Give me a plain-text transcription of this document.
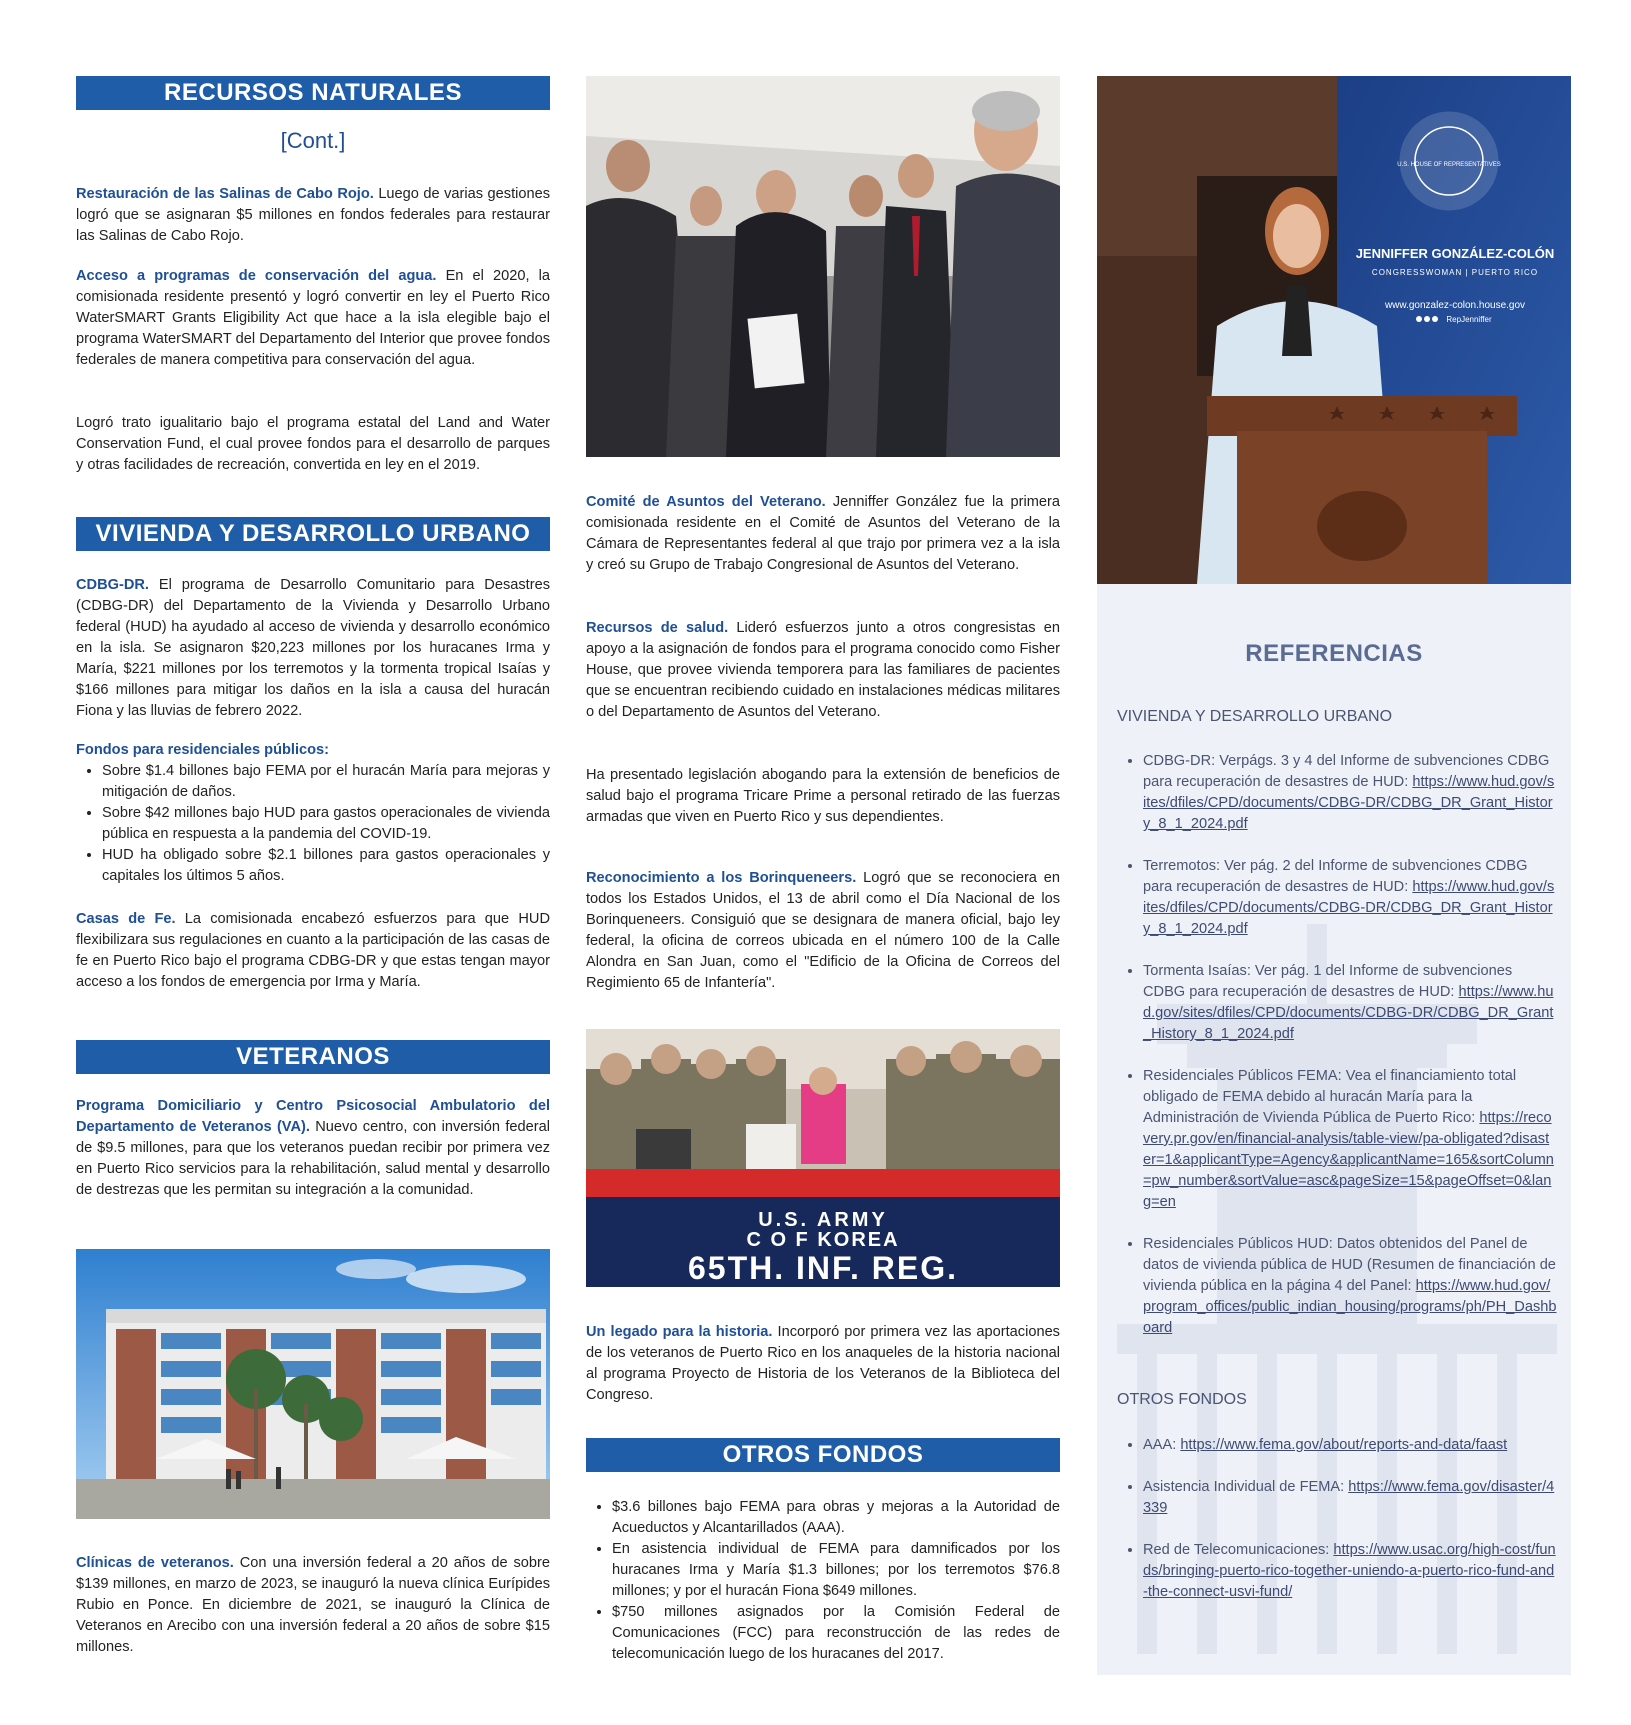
RECURSOS NATURALES
[Cont.]

Restauración de las Salinas de Cabo Rojo. Luego de varias gestiones logró que se asignaran $5 millones en fondos federales para restaurar las Salinas de Cabo Rojo.

Acceso a programas de conservación del agua. En el 2020, la comisionada residente presentó y logró convertir en ley el Puerto Rico WaterSMART Grants Eligibility Act que hace a la isla elegible bajo el programa WaterSMART del Departamento del Interior que provee fondos federales de manera competitiva para conservación del agua.

Logró trato igualitario bajo el programa estatal del Land and Water Conservation Fund, el cual provee fondos para el desarrollo de parques y otras facilidades de recreación, convertida en ley en el 2019.

VIVIENDA Y DESARROLLO URBANO

CDBG-DR. El programa de Desarrollo Comunitario para Desastres (CDBG-DR) del Departamento de la Vivienda y Desarrollo Urbano federal (HUD) ha ayudado al acceso de vivienda y desarrollo económico en la isla. Se asignaron $20,223 millones por los huracanes Irma y María, $221 millones por los terremotos y la tormenta tropical Isaías y $166 millones para mitigar los daños en la isla a causa del huracán Fiona y las lluvias de febrero 2022.

Fondos para residenciales públicos:

• Sobre $1.4 billones bajo FEMA por el huracán María para mejoras y mitigación de daños.
• Sobre $42 millones bajo HUD para gastos operacionales de vivienda pública en respuesta a la pandemia del COVID-19.
• HUD ha obligado sobre $2.1 billones para gastos operacionales y capitales los últimos 5 años.

Casas de Fe. La comisionada encabezó esfuerzos para que HUD flexibilizara sus regulaciones en cuanto a la participación de las casas de fe en Puerto Rico bajo el programa CDBG-DR y que estas tengan mayor acceso a los fondos de emergencia por Irma y María.

VETERANOS

Programa Domiciliario y Centro Psicosocial Ambulatorio del Departamento de Veteranos (VA). Nuevo centro, con inversión federal de $9.5 millones, para que los veteranos puedan recibir por primera vez en Puerto Rico servicios para la rehabilitación, salud mental y desarrollo de destrezas que les permitan su integración a la comunidad.

Clínicas de veteranos. Con una inversión federal a 20 años de sobre $139 millones, en marzo de 2023, se inauguró la nueva clínica Eurípides Rubio en Ponce. En diciembre de 2021, se inauguró la Clínica de Veteranos en Arecibo con una inversión federal a 20 años de sobre $15 millones.

Comité de Asuntos del Veterano. Jenniffer González fue la primera comisionada residente en el Comité de Asuntos del Veterano de la Cámara de Representantes federal al que trajo por primera vez a la isla y creó su Grupo de Trabajo Congresional de Asuntos del Veterano.

Recursos de salud. Lideró esfuerzos junto a otros congresistas en apoyo a la asignación de fondos para el programa conocido como Fisher House, que provee vivienda temporera para las familiares de pacientes que se encuentran recibiendo cuidado en instalaciones médicas militares o del Departamento de Asuntos del Veterano.

Ha presentado legislación abogando para la extensión de beneficios de salud bajo el programa Tricare Prime a personal retirado de las fuerzas armadas que viven en Puerto Rico y sus dependientes.

Reconocimiento a los Borinqueneers. Logró que se reconociera en todos los Estados Unidos, el 13 de abril como el Día Nacional de los Borinqueneers. Consiguió que se designara de manera oficial, bajo ley federal, la oficina de correos ubicada en el número 100 de la Calle Alondra en San Juan, como el "Edificio de la Oficina de Correos del Regimiento 65 de Infantería".

U.S. ARMY
C O F KOREA
65TH. INF. REG.

Un legado para la historia. Incorporó por primera vez las aportaciones de los veteranos de Puerto Rico en los anaqueles de la historia nacional al programa Proyecto de Historia de los Veteranos de la Biblioteca del Congreso.

OTROS FONDOS
• $3.6 billones bajo FEMA para obras y mejoras a la Autoridad de Acueductos y Alcantarillados (AAA).
• En asistencia individual de FEMA para damnificados por los huracanes Irma y María $1.3 billones; por los terremotos $76.8 millones; y por el huracán Fiona $649 millones.
• $750 millones asignados por la Comisión Federal de Comunicaciones (FCC) para reconstrucción de las redes de telecomunicación luego de los huracanes del 2017.
U.S. HOUSE OF REPRESENTATIVES
JENNIFFER GONZÁLEZ-COLÓN
CONGRESSWOMAN | PUERTO RICO
www.gonzalez-colon.house.gov
RepJenniffer
REFERENCIAS
VIVIENDA Y DESARROLLO URBANO
• CDBG-DR: Verpágs. 3 y 4 del Informe de subvenciones CDBG para recuperación de desastres de HUD: https://www.hud.gov/sites/dfiles/CPD/documents/CDBG-DR/CDBG_DR_Grant_History_8_1_2024.pdf
• Terremotos: Ver pág. 2 del Informe de subvenciones CDBG para recuperación de desastres de HUD: https://www.hud.gov/sites/dfiles/CPD/documents/CDBG-DR/CDBG_DR_Grant_History_8_1_2024.pdf
• Tormenta Isaías: Ver pág. 1 del Informe de subvenciones CDBG para recuperación de desastres de HUD: https://www.hud.gov/sites/dfiles/CPD/documents/CDBG-DR/CDBG_DR_Grant_History_8_1_2024.pdf
• Residenciales Públicos FEMA: Vea el financiamiento total obligado de FEMA debido al huracán María para la Administración de Vivienda Pública de Puerto Rico: https://recovery.pr.gov/en/financial-analysis/table-view/pa-obligated?disaster=1&applicantType=Agency&applicantName=165&sortColumn=pw_number&sortValue=asc&pageSize=15&pageOffset=0&lang=en
• Residenciales Públicos HUD: Datos obtenidos del Panel de datos de vivienda pública de HUD (Resumen de financiación de vivienda pública en la página 4 del Panel: https://www.hud.gov/program_offices/public_indian_housing/programs/ph/PH_Dashboard
OTROS FONDOS
• AAA: https://www.fema.gov/about/reports-and-data/faast
• Asistencia Individual de FEMA: https://www.fema.gov/disaster/4339
• Red de Telecomunicaciones: https://www.usac.org/high-cost/funds/bringing-puerto-rico-together-uniendo-a-puerto-rico-fund-and-the-connect-usvi-fund/
